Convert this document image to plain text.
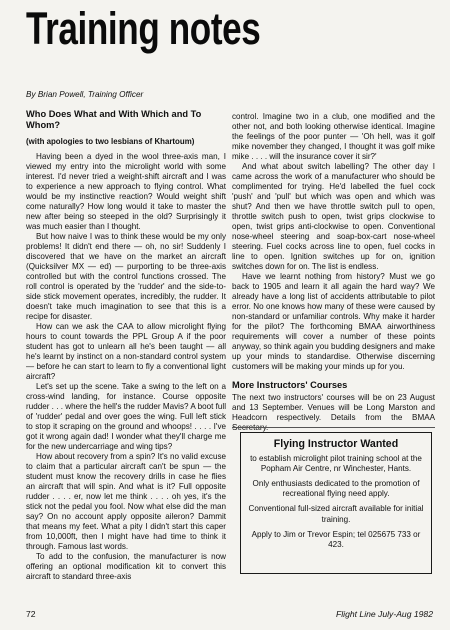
Training notes
By Brian Powell, Training Officer
Who Does What and With Which and To Whom?
(with apologies to two lesbians of Khartoum)

Having been a dyed in the wool three-axis man, I viewed my entry into the microlight world with some interest. I'd never tried a weight-shift aircraft and I was to experience a new approach to flying control. What would be my instinctive reaction? Would weight shift come naturally? How long would it take to master the new after being so steeped in the old? Surprisingly it was much easier than I thought.

But how naive I was to think these would be my only problems! It didn't end there — oh, no sir! Suddenly I discovered that we have on the market an aircraft (Quicksilver MX — ed) — purporting to be three-axis controlled but with the control functions crossed. The roll control is operated by the 'rudder' and the side-to-side stick movement operates, incredibly, the rudder. It doesn't take much imagination to see that this is a recipe for disaster.

How can we ask the CAA to allow microlight flying hours to count towards the PPL Group A if the poor student has got to unlearn all he's been taught — all he's learnt by instinct on a non-standard control system — before he can start to learn to fly a conventional light aircraft?

Let's set up the scene. Take a swing to the left on a cross-wind landing, for instance. Course opposite rudder . . . where the hell's the rudder Mavis? A boot full of 'rudder' pedal and over goes the wing. Full left stick to stop it scraping on the ground and whoops! . . . . I've got it wrong again dad! I wonder what they'll charge me for the new undercarriage and wing tips?

How about recovery from a spin? It's no valid excuse to claim that a particular aircraft can't be spun — the student must know the recovery drills in case he flies an aircraft that will spin. And what is it? Full opposite rudder . . . . er, now let me think . . . . oh yes, it's the stick not the pedal you fool. Now what else did the man say? On no account apply opposite aileron? Dammit that means my feet. What a pity I didn't start this caper from 10,000ft, then I might have had time to think it through. Famous last words.

To add to the confusion, the manufacturer is now offering an optional modification kit to convert this aircraft to standard three-axis

control. Imagine two in a club, one modified and the other not, and both looking otherwise identical. Imagine the feelings of the poor punter — 'Oh hell, was it golf mike november they changed, I thought it was golf mike mike . . . . will the insurance cover it sir?'

And what about switch labelling? The other day I came across the work of a manufacturer who should be complimented for trying. He'd labelled the fuel cock 'push' and 'pull' but which was open and which was shut? And then we have throttle switch pull to open, throttle switch push to open, twist grips clockwise to open, twist grips anti-clockwise to open. Conventional nose-wheel steering and soap-box-cart nose-wheel steering. Fuel cocks across line to open, fuel cocks in line to open. Ignition switches up for on, ignition switches down for on. The list is endless.

Have we learnt nothing from history? Must we go back to 1905 and learn it all again the hard way? We already have a long list of accidents attributable to pilot error. No one knows how many of these were caused by non-standard or unfamiliar controls. Why make it harder for the pilot? The forthcoming BMAA airworthiness requirements will cover a number of these points anyway, so think again you budding designers and make up your minds to standardise. Otherwise discerning customers will be making your minds up for you.

More Instructors' Courses

The next two instructors' courses will be on 23 August and 13 September. Venues will be Long Marston and Headcorn respectively. Details from the BMAA

Flying Instructor Wanted

to establish microlight pilot training school at the Popham Air Centre, nr Winchester, Hants.

Only enthusiasts dedicated to the promotion of recreational flying need apply.

Conventional full-sized aircraft available for initial training.

Apply to Jim or Trevor Espin; tel 025675 733 or 423.

72	Flight Line July-Aug 1982
